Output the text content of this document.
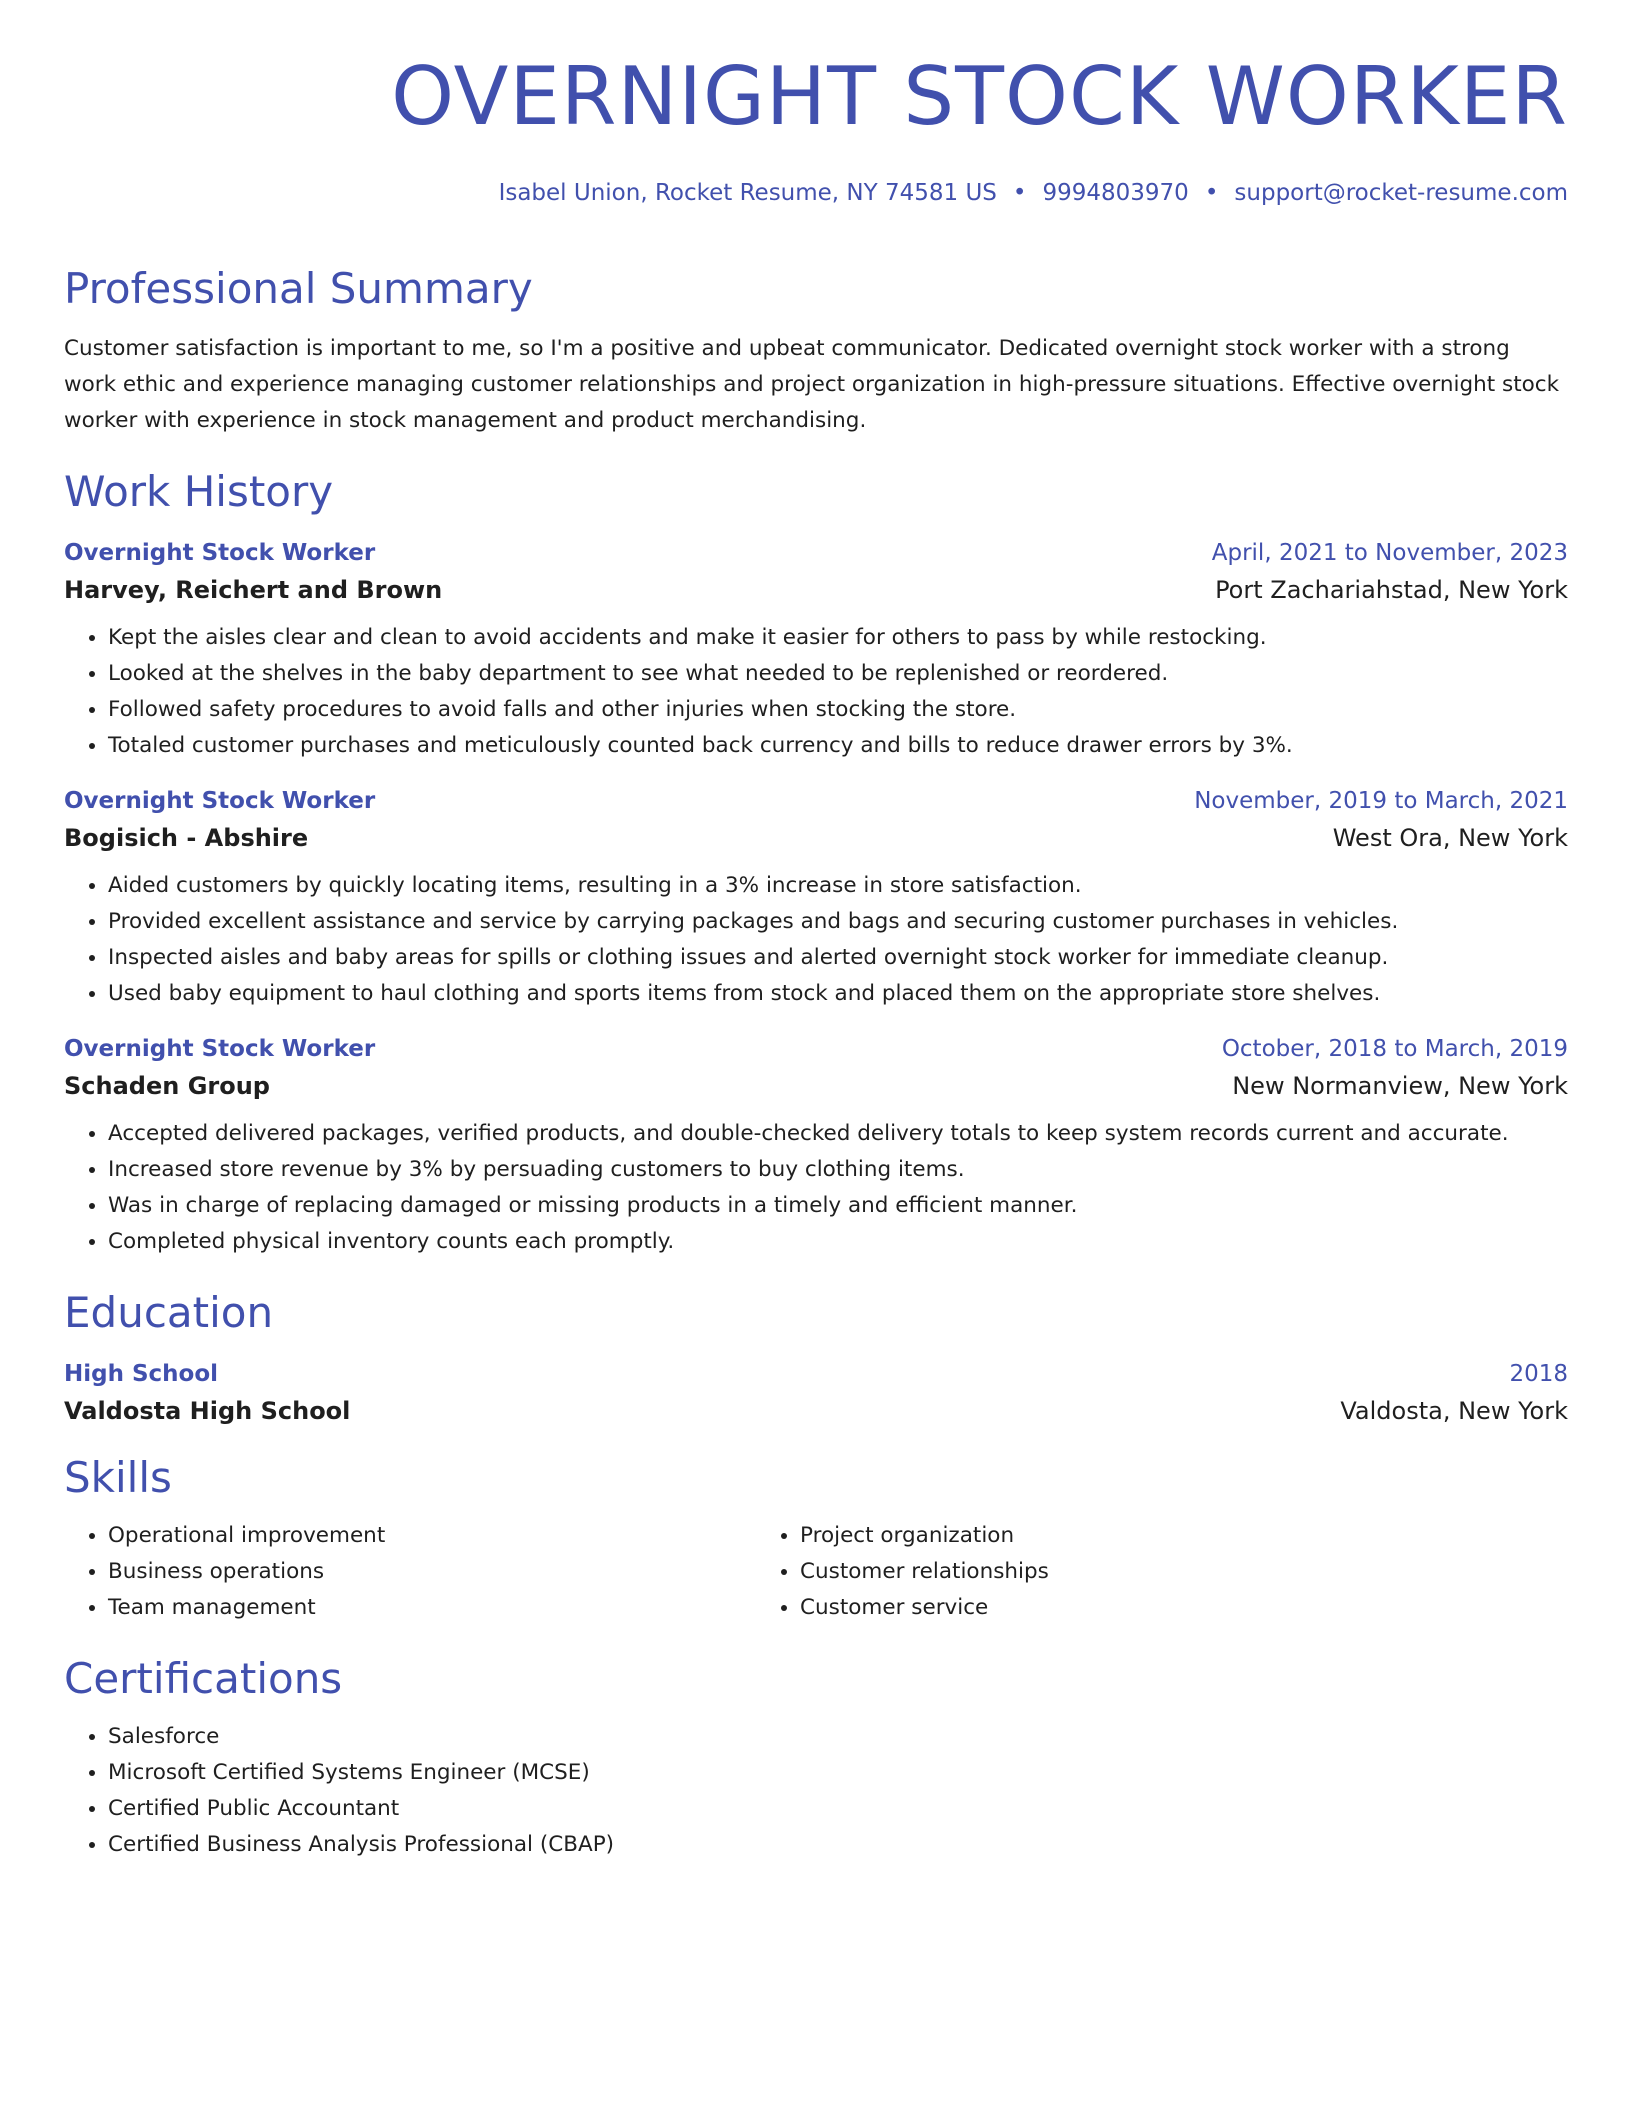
OVERNIGHT STOCK WORKER
Isabel Union, Rocket Resume, NY 74581 US • 9994803970 • support@rocket-resume.com
Professional Summary

Customer satisfaction is important to me, so I'm a positive and upbeat communicator. Dedicated overnight stock worker with a strong work ethic and experience managing customer relationships and project organization in high-pressure situations. Effective overnight stock worker with experience in stock management and product merchandising.

Work History
Overnight Stock Worker	April, 2021 to November, 2023
Harvey, Reichert and Brown	Port Zachariahstad, New York
• Kept the aisles clear and clean to avoid accidents and make it easier for others to pass by while restocking.
• Looked at the shelves in the baby department to see what needed to be replenished or reordered.
• Followed safety procedures to avoid falls and other injuries when stocking the store.
• Totaled customer purchases and meticulously counted back currency and bills to reduce drawer errors by 3%.
Overnight Stock Worker	November, 2019 to March, 2021
Bogisich - Abshire	West Ora, New York
• Aided customers by quickly locating items, resulting in a 3% increase in store satisfaction.
• Provided excellent assistance and service by carrying packages and bags and securing customer purchases in vehicles.
• Inspected aisles and baby areas for spills or clothing issues and alerted overnight stock worker for immediate cleanup.
• Used baby equipment to haul clothing and sports items from stock and placed them on the appropriate store shelves.
Overnight Stock Worker	October, 2018 to March, 2019
Schaden Group	New Normanview, New York
• Accepted delivered packages, verified products, and double-checked delivery totals to keep system records current and accurate.
• Increased store revenue by 3% by persuading customers to buy clothing items.
• Was in charge of replacing damaged or missing products in a timely and efficient manner.
• Completed physical inventory counts each promptly.
Education
High School	2018
Valdosta High School	Valdosta, New York
Skills
• Operational improvement
• Business operations
• Team management
• Project organization
• Customer relationships
• Customer service
Certifications
• Salesforce
• Microsoft Certified Systems Engineer (MCSE)
• Certified Public Accountant
• Certified Business Analysis Professional (CBAP)
